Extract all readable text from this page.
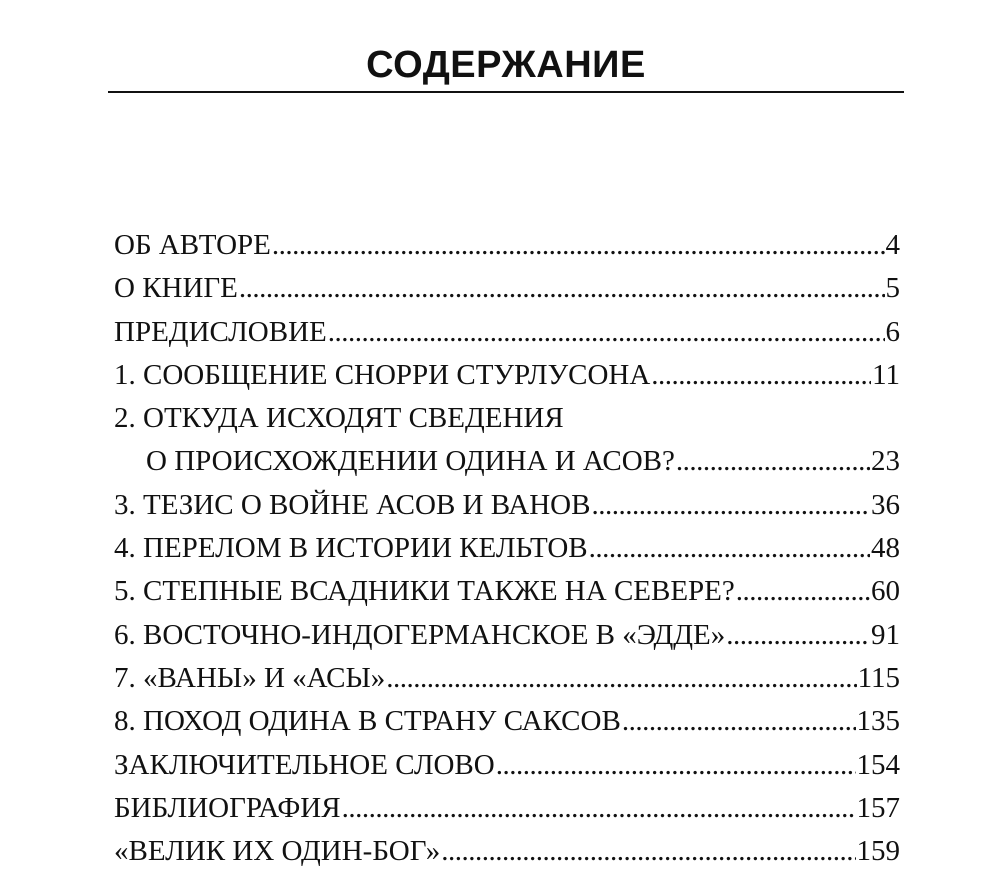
СОДЕРЖАНИЕ
ОБ АВТОРЕ .....	4
О КНИГЕ .....	5
ПРЕДИСЛОВИЕ .....	6
1. СООБЩЕНИЕ СНОРРИ СТУРЛУСОНА .....	11
2. ОТКУДА ИСХОДЯТ СВЕДЕНИЯ
О ПРОИСХОЖДЕНИИ ОДИНА И АСОВ? .....	23
3. ТЕЗИС О ВОЙНЕ АСОВ И ВАНОВ .....	36
4. ПЕРЕЛОМ В ИСТОРИИ КЕЛЬТОВ .....	48
5. СТЕПНЫЕ ВСАДНИКИ ТАКЖЕ НА СЕВЕРЕ? .....	60
6. ВОСТОЧНО-ИНДОГЕРМАНСКОЕ В «ЭДДЕ» .....	91
7. «ВАНЫ» И «АСЫ» .....	115
8. ПОХОД ОДИНА В СТРАНУ САКСОВ .....	135
ЗАКЛЮЧИТЕЛЬНОЕ СЛОВО .....	154
БИБЛИОГРАФИЯ .....	157
«ВЕЛИК ИХ ОДИН-БОГ» .....	159
